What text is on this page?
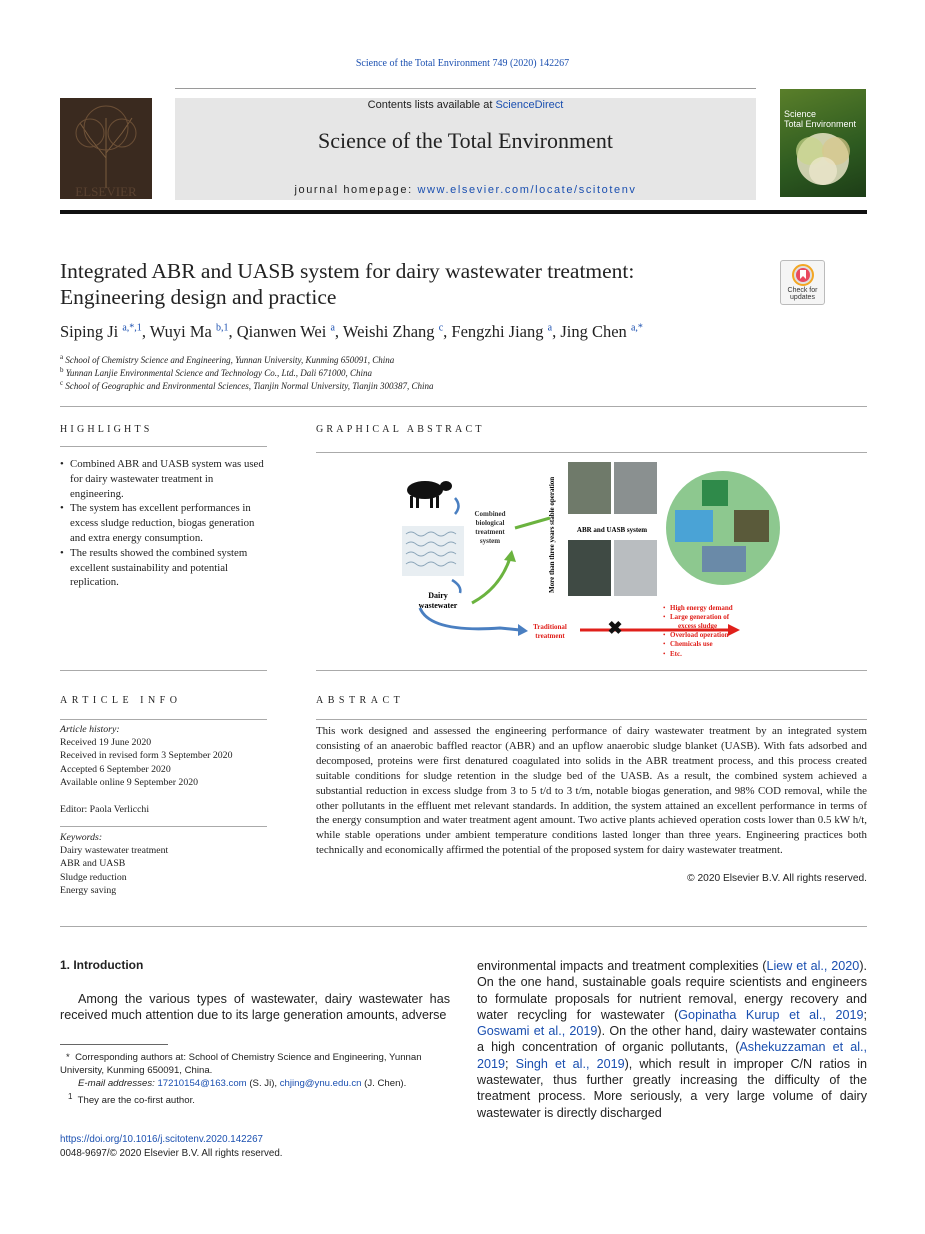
Science of the Total Environment 749 (2020) 142267
ELSEVIER
Contents lists available at ScienceDirect
Science of the Total Environment
journal homepage: www.elsevier.com/locate/scitotenv
Science
Total Environment
Integrated ABR and UASB system for dairy wastewater treatment:
Engineering design and practice	Check for updates
Siping Ji $^{a,*,1}$, Wuyi Ma $^{b,1}$, Qianwen Wei $^a$, Weishi Zhang $^c$, Fengzhi Jiang $^a$, Jing Chen $^{a,*}$
$^a$ School of Chemistry Science and Engineering, Yunnan University, Kunming 650091, China
$^b$ Yunnan Lanjie Environmental Science and Technology Co., Ltd., Dali 671000, China
$^c$ School of Geographic and Environmental Sciences, Tianjin Normal University, Tianjin 300387, China
HIGHLIGHTS
• Combined ABR and UASB system was used for dairy wastewater treatment in engineering.
• The system has excellent performances in excess sludge reduction, biogas generation and extra energy consumption.
• The results showed the combined system excellent sustainability and potential replication.
GRAPHICAL ABSTRACT
Dairy
wastewater
Combined
biological
treatment
system	More than three years stable operation	ABR and UASB system
✖
Traditional
treatment
High energy demand
Large generation of
excess sludge
Overload operation
Chemicals use
Etc.
•
•
•
•
•
ARTICLE INFO
Article history:
Received 19 June 2020
Received in revised form 3 September 2020
Accepted 6 September 2020
Available online 9 September 2020
Editor: Paola Verlicchi
Keywords:
Dairy wastewater treatment
ABR and UASB
Sludge reduction
Energy saving
ABSTRACT
This work designed and assessed the engineering performance of dairy wastewater treatment by an integrated system consisting of an anaerobic baffled reactor (ABR) and an upflow anaerobic sludge blanket (UASB). With fats adsorbed and decomposed, proteins were first denatured coagulated into solids in the ABR treatment process, and this process created suitable conditions for sludge retention in the sludge bed of the UASB. As a result, the combined system achieved a substantial reduction in excess sludge from 3 to 5 t/d to 3 t/m, notable biogas generation, and 98% COD removal, while the other pollutants in the effluent met relevant standards. In addition, the system attained an excellent performance in terms of the energy consumption and water treatment agent amount. Two active plants achieved operation costs lower than 0.5 kW h/t, while stable operations under ambient temperature conditions lasted longer than three years. Engineering practices both technically and economically affirmed the potential of the proposed system for dairy wastewater treatment.
© 2020 Elsevier B.V. All rights reserved.
1. Introduction
Among the various types of wastewater, dairy wastewater has received much attention due to its large generation amounts, adverse
environmental impacts and treatment complexities (Liew et al., 2020). On the one hand, sustainable goals require scientists and engineers to formulate proposals for nutrient removal, energy recovery and water recycling for wastewater (Gopinatha Kurup et al., 2019; Goswami et al., 2019). On the other hand, dairy wastewater contains a high concentration of organic pollutants, (Ashekuzzaman et al., 2019; Singh et al., 2019), which result in improper C/N ratios in wastewater, thus further greatly increasing the difficulty of the treatment process. More seriously, a very large volume of dairy wastewater is directly discharged
* Corresponding authors at: School of Chemistry Science and Engineering, Yunnan University, Kunming 650091, China.
E-mail addresses: 17210154@163.com (S. Ji), chjing@ynu.edu.cn (J. Chen).
$^1$ They are the co-first author.
https://doi.org/10.1016/j.scitotenv.2020.142267
0048-9697/© 2020 Elsevier B.V. All rights reserved.
